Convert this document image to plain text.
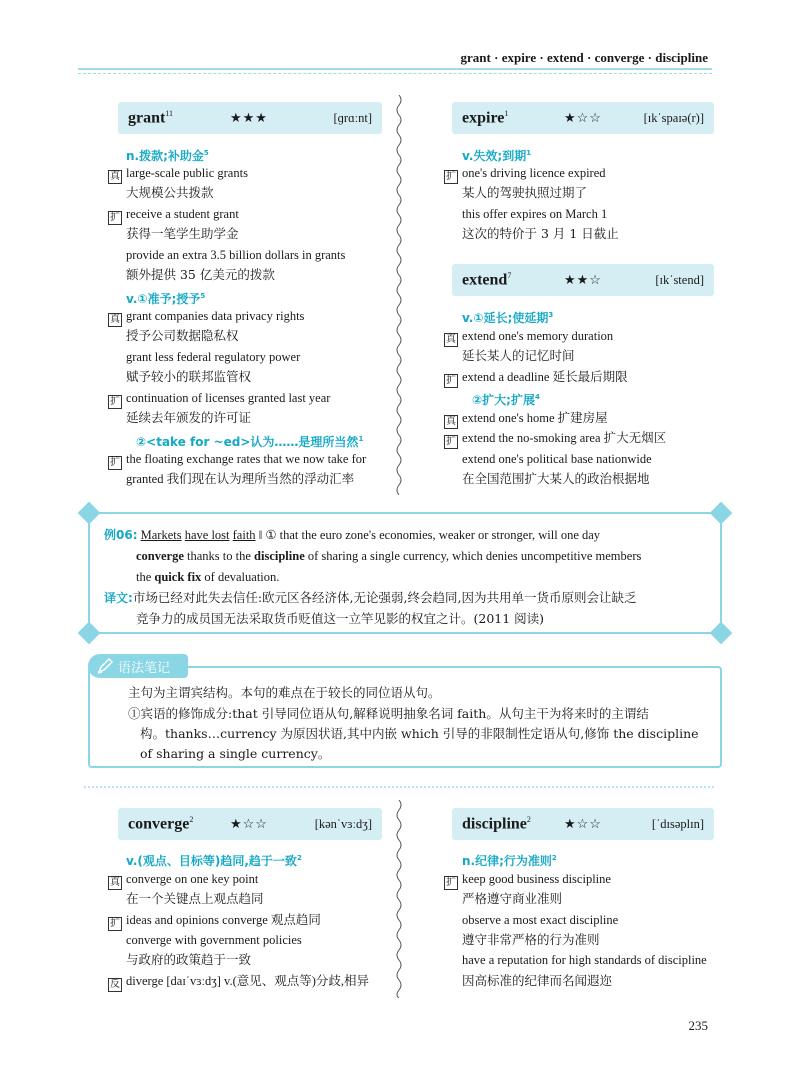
grant · expire · extend · converge · discipline
grant$^{11}$	★★★	[ɡrɑːnt]
n.拨款;补助金$^5$
真 large-scale public grants
大规模公共拨款
扩 receive a student grant
获得一笔学生助学金
provide an extra 3.5 billion dollars in grants
额外提供 35 亿美元的拨款
v.①准予;授予$^5$
真 grant companies data privacy rights
授予公司数据隐私权
grant less federal regulatory power
赋予较小的联邦监管权
扩 continuation of licenses granted last year
延续去年颁发的许可证
②<take for ~ed>认为……是理所当然$^1$
扩 the floating exchange rates that we now take for
granted 我们现在认为理所当然的浮动汇率
expire$^1$	★☆☆	[ɪkˈspaɪə(r)]
v.失效;到期$^1$
扩 one's driving licence expired
某人的驾驶执照过期了
this offer expires on March 1
这次的特价于 3 月 1 日截止
extend$^7$	★★☆	[ɪkˈstend]
v.①延长;使延期$^3$
真 extend one's memory duration
延长某人的记忆时间
扩 extend a deadline 延长最后期限
②扩大;扩展$^4$
真 extend one's home 扩建房屋
扩 extend the no-smoking area 扩大无烟区
extend one's political base nationwide
在全国范围扩大某人的政治根据地
例06: Markets have lost faith ‖ ① that the euro zone's economies, weaker or stronger, will one day
converge thanks to the discipline of sharing a single currency, which denies uncompetitive members
the quick fix of devaluation.
译文:市场已经对此失去信任:欧元区各经济体,无论强弱,终会趋同,因为共用单一货币原则会让缺乏
竞争力的成员国无法采取货币贬值这一立竿见影的权宜之计。(2011 阅读)
语法笔记
主句为主谓宾结构。本句的难点在于较长的同位语从句。
①宾语的修饰成分:that 引导同位语从句,解释说明抽象名词 faith。从句主干为将来时的主谓结
构。thanks…currency 为原因状语,其中内嵌 which 引导的非限制性定语从句,修饰 the discipline
of sharing a single currency。
converge$^2$	★☆☆	[kənˈvɜːdʒ]
v.(观点、目标等)趋同,趋于一致$^2$
真 converge on one key point
在一个关键点上观点趋同
扩 ideas and opinions converge 观点趋同
converge with government policies
与政府的政策趋于一致
反 diverge [daɪˈvɜːdʒ] v.(意见、观点等)分歧,相异
discipline$^2$	★☆☆	[ˈdɪsəplɪn]
n.纪律;行为准则$^2$
扩 keep good business discipline
严格遵守商业准则
observe a most exact discipline
遵守非常严格的行为准则
have a reputation for high standards of discipline
因高标准的纪律而名闻遐迩
235
